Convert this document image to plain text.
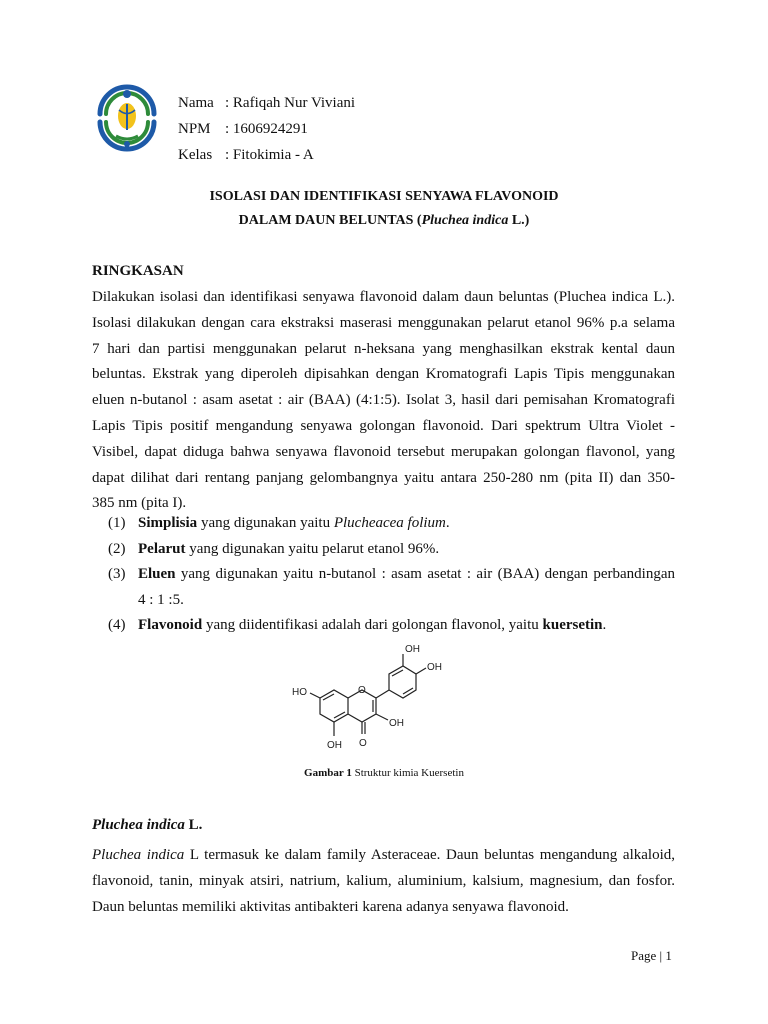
Nama : Rafiqah Nur Viviani
NPM : 1606924291
Kelas : Fitokimia - A
ISOLASI DAN IDENTIFIKASI SENYAWA FLAVONOID
DALAM DAUN BELUNTAS (Pluchea indica L.)
RINGKASAN
Dilakukan isolasi dan identifikasi senyawa flavonoid dalam daun beluntas (Pluchea indica L.).
Isolasi dilakukan dengan cara ekstraksi maserasi menggunakan pelarut etanol 96% p.a selama
7 hari dan partisi menggunakan pelarut n-heksana yang menghasilkan ekstrak kental daun
beluntas. Ekstrak yang diperoleh dipisahkan dengan Kromatografi Lapis Tipis menggunakan
eluen n-butanol : asam asetat : air (BAA) (4:1:5). Isolat 3, hasil dari pemisahan Kromatografi
Lapis Tipis positif mengandung senyawa golongan flavonoid. Dari spektrum Ultra Violet -
Visibel, dapat diduga bahwa senyawa flavonoid tersebut merupakan golongan flavonol, yang
dapat dilihat dari rentang panjang gelombangnya yaitu antara 250-280 nm (pita II) dan 350-
385 nm (pita I).
(1) Simplisia yang digunakan yaitu Plucheacea folium.
(2) Pelarut yang digunakan yaitu pelarut etanol 96%.
(3) Eluen yang digunakan yaitu n-butanol : asam asetat : air (BAA) dengan perbandingan
4 : 1 :5.
(4) Flavonoid yang diidentifikasi adalah dari golongan flavonol, yaitu kuersetin.
OH
OH
HO	O
OH
OH O
Gambar 1 Struktur kimia Kuersetin
Pluchea indica L.
Pluchea indica L termasuk ke dalam family Asteraceae. Daun beluntas mengandung alkaloid,
flavonoid, tanin, minyak atsiri, natrium, kalium, aluminium, kalsium, magnesium, dan fosfor.
Daun beluntas memiliki aktivitas antibakteri karena adanya senyawa flavonoid.
Page | 1
